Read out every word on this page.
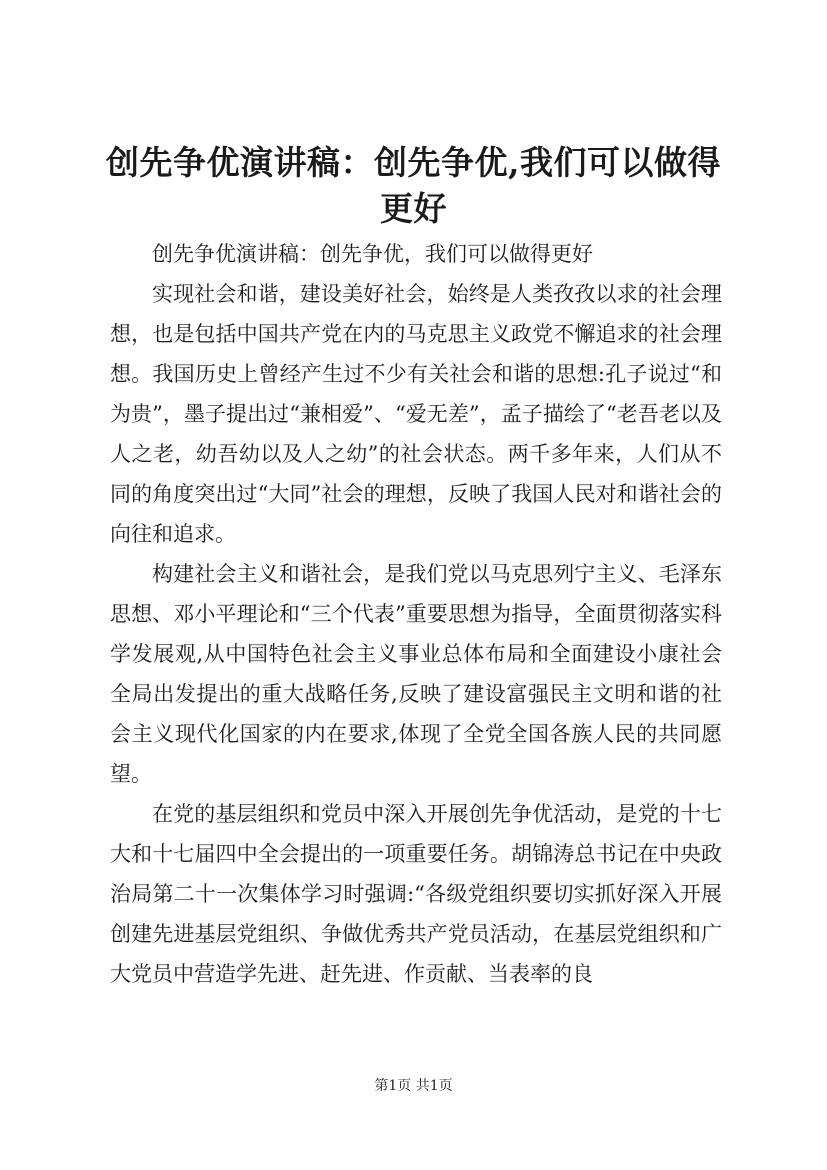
创先争优演讲稿：创先争优,我们可以做得更好

创先争优演讲稿：创先争优，我们可以做得更好

实现社会和谐，建设美好社会，始终是人类孜孜以求的社会理想，也是包括中国共产党在内的马克思主义政党不懈追求的社会理想。我国历史上曾经产生过不少有关社会和谐的思想:孔子说过“和为贵”，墨子提出过“兼相爱”、“爱无差”，孟子描绘了“老吾老以及人之老，幼吾幼以及人之幼”的社会状态。两千多年来，人们从不同的角度突出过“大同”社会的理想，反映了我国人民对和谐社会的向往和追求。

构建社会主义和谐社会，是我们党以马克思列宁主义、毛泽东思想、邓小平理论和“三个代表”重要思想为指导，全面贯彻落实科学发展观,从中国特色社会主义事业总体布局和全面建设小康社会全局出发提出的重大战略任务,反映了建设富强民主文明和谐的社会主义现代化国家的内在要求,体现了全党全国各族人民的共同愿望。

在党的基层组织和党员中深入开展创先争优活动，是党的十七大和十七届四中全会提出的一项重要任务。胡锦涛总书记在中央政治局第二十一次集体学习时强调:“各级党组织要切实抓好深入开展创建先进基层党组织、争做优秀共产党员活动，在基层党组织和广大党员中营造学先进、赶先进、作贡献、当表率的良

第1页 共1页
